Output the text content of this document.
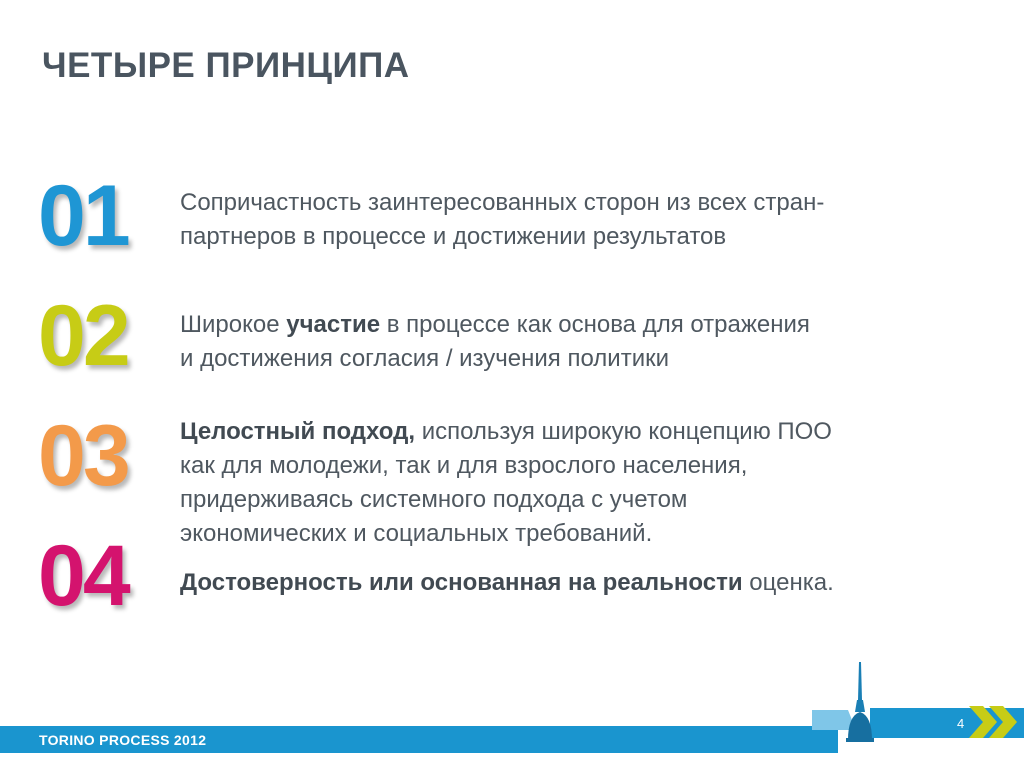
ЧЕТЫРЕ ПРИНЦИПА
01
02
03
04
Сопричастность заинтересованных сторон из всех стран-
партнеров в процессе и достижении результатов
Широкое участие в процессе как основа для отражения
и достижения согласия / изучения политики
Целостный подход, используя широкую концепцию ПОО
как для молодежи, так и для взрослого населения,
придерживаясь системного подхода с учетом
экономических и социальных требований.
Достоверность или основанная на реальности оценка.
TORINO PROCESS 2012
4
